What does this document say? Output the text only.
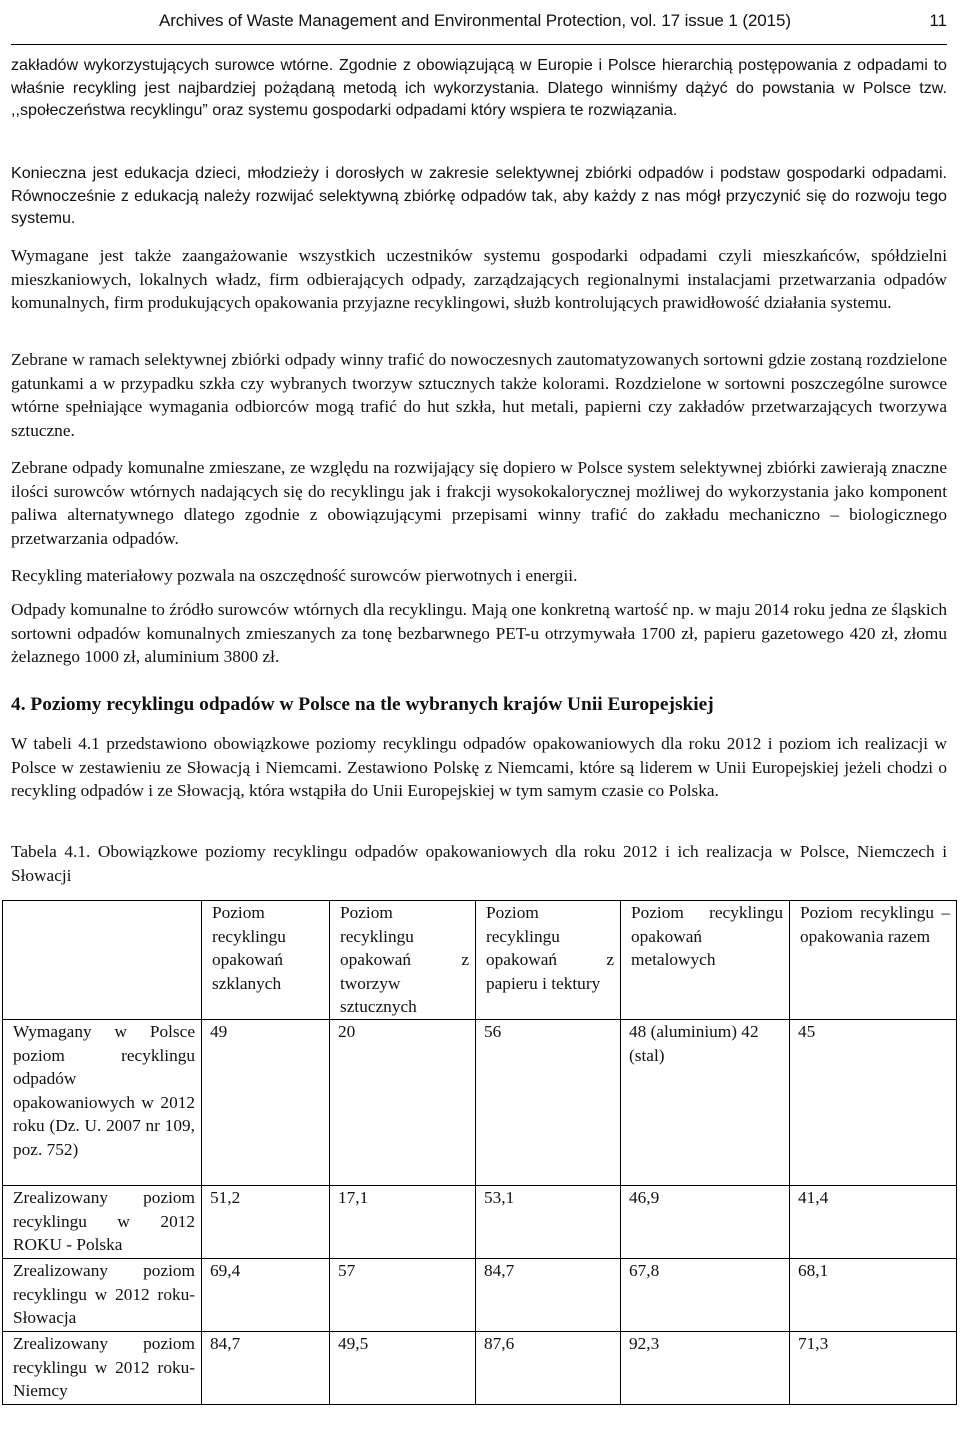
Archives of Waste Management and Environmental Protection, vol. 17 issue 1 (2015)	11

zakładów wykorzystujących surowce wtórne. Zgodnie z obowiązującą w Europie i Polsce hierarchią postępowania z odpadami to właśnie recykling jest najbardziej pożądaną metodą ich wykorzystania. Dlatego winniśmy dążyć do powstania w Polsce tzw. ,,społeczeństwa recyklingu” oraz systemu gospodarki odpadami który wspiera te rozwiązania.

Konieczna jest edukacja dzieci, młodzieży i dorosłych w zakresie selektywnej zbiórki odpadów i podstaw gospodarki odpadami. Równocześnie z edukacją należy rozwijać selektywną zbiórkę odpadów tak, aby każdy z nas mógł przyczynić się do rozwoju tego systemu.

Wymagane jest także zaangażowanie wszystkich uczestników systemu gospodarki odpadami czyli mieszkańców, spółdzielni mieszkaniowych, lokalnych władz, firm odbierających odpady, zarządzających regionalnymi instalacjami przetwarzania odpadów komunalnych, firm produkujących opakowania przyjazne recyklingowi, służb kontrolujących prawidłowość działania systemu.

Zebrane w ramach selektywnej zbiórki odpady winny trafić do nowoczesnych zautomatyzowanych sortowni gdzie zostaną rozdzielone gatunkami a w przypadku szkła czy wybranych tworzyw sztucznych także kolorami. Rozdzielone w sortowni poszczególne surowce wtórne spełniające wymagania odbiorców mogą trafić do hut szkła, hut metali, papierni czy zakładów przetwarzających tworzywa sztuczne.

Zebrane odpady komunalne zmieszane, ze względu na rozwijający się dopiero w Polsce system selektywnej zbiórki zawierają znaczne ilości surowców wtórnych nadających się do recyklingu jak i frakcji wysokokalorycznej możliwej do wykorzystania jako komponent paliwa alternatywnego dlatego zgodnie z obowiązującymi przepisami winny trafić do zakładu mechaniczno – biologicznego przetwarzania odpadów.

Recykling materiałowy pozwala na oszczędność surowców pierwotnych i energii.

Odpady komunalne to źródło surowców wtórnych dla recyklingu. Mają one konkretną wartość np. w maju 2014 roku jedna ze śląskich sortowni odpadów komunalnych zmieszanych za tonę bezbarwnego PET-u otrzymywała 1700 zł, papieru gazetowego 420 zł, złomu żelaznego 1000 zł, aluminium 3800 zł.

4. Poziomy recyklingu odpadów w Polsce na tle wybranych krajów Unii Europejskiej

W tabeli 4.1 przedstawiono obowiązkowe poziomy recyklingu odpadów opakowaniowych dla roku 2012 i poziom ich realizacji w Polsce w zestawieniu ze Słowacją i Niemcami. Zestawiono Polskę z Niemcami, które są liderem w Unii Europejskiej jeżeli chodzi o recykling odpadów i ze Słowacją, która wstąpiła do Unii Europejskiej w tym samym czasie co Polska.

Tabela 4.1. Obowiązkowe poziomy recyklingu odpadów opakowaniowych dla roku 2012 i ich realizacja w Polsce, Niemczech i Słowacji

	Poziom recyklingu opakowań szklanych	Poziom recyklingu opakowań z tworzyw sztucznych	Poziom recyklingu opakowań z papieru i tektury	Poziom recyklingu opakowań metalowych	Poziom recyklingu – opakowania razem
Wymagany w Polsce poziom recyklingu odpadów opakowaniowych w 2012 roku (Dz. U. 2007 nr 109, poz. 752)	49	20	56	48 (aluminium) 42 (stal)	45
Zrealizowany poziom recyklingu w 2012 ROKU - Polska	51,2	17,1	53,1	46,9	41,4
Zrealizowany poziom recyklingu w 2012 roku- Słowacja	69,4	57	84,7	67,8	68,1
Zrealizowany poziom recyklingu w 2012 roku- Niemcy	84,7	49,5	87,6	92,3	71,3
